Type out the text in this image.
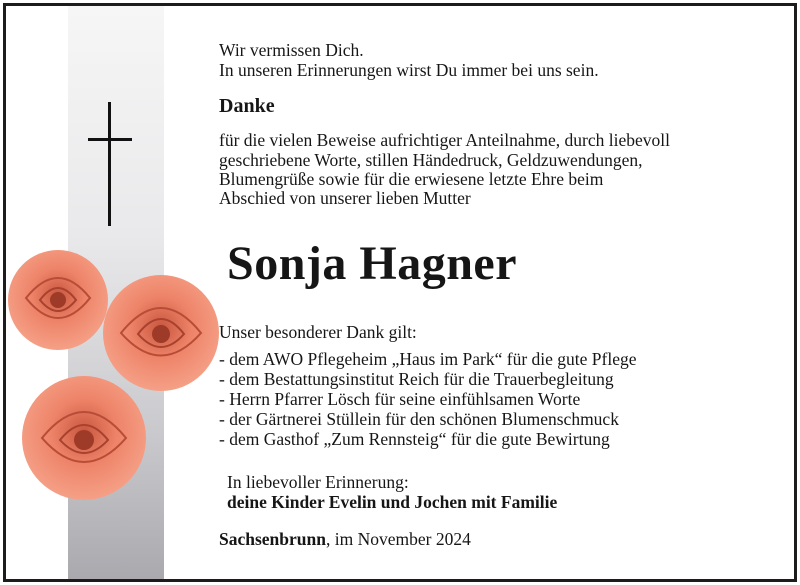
Wir vermissen Dich.
In unseren Erinnerungen wirst Du immer bei uns sein.
Danke
für die vielen Beweise aufrichtiger Anteilnahme, durch liebevoll
geschriebene Worte, stillen Händedruck, Geldzuwendungen,
Blumengrüße sowie für die erwiesene letzte Ehre beim
Abschied von unserer lieben Mutter
Sonja Hagner
Unser besonderer Dank gilt:
- dem AWO Pflegeheim „Haus im Park“ für die gute Pflege
- dem Bestattungsinstitut Reich für die Trauerbegleitung
- Herrn Pfarrer Lösch für seine einfühlsamen Worte
- der Gärtnerei Stüllein für den schönen Blumenschmuck
- dem Gasthof „Zum Rennsteig“ für die gute Bewirtung
In liebevoller Erinnerung:
deine Kinder Evelin und Jochen mit Familie
Sachsenbrunn, im November 2024
